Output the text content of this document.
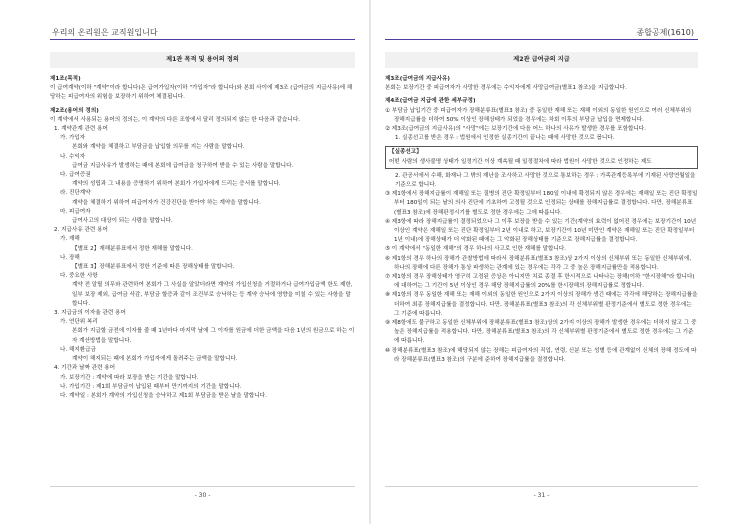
우리의 온리원은 교직원입니다
제1관 목적 및 용어의 정의
제1조(목적)
이 급여계약(이하 "계약"이라 합니다)은 급여가입자(이하 "가입자"라 합니다)와 본회 사이에 제3조 (급여금의 지급사유)에 해당하는 피급여자의 위험을 보장하기 위하여 체결됩니다.
제2조(용어의 정의)
이 계약에서 사용되는 용어의 정의는, 이 계약의 다른 조항에서 달리 정의되지 않는 한 다음과 같습니다.
1. 계약관계 관련 용어
가. 가입자
본회와 계약을 체결하고 부담금을 납입할 의무를 지는 사람을 말합니다.
나. 수익자
급여금 지급사유가 발생하는 때에 본회에 급여금을 청구하여 받을 수 있는 사람을 말합니다.
다. 급여증권
계약의 성립과 그 내용을 증명하기 위하여 본회가 가입자에게 드리는 증서를 말합니다.
라. 진단계약
계약을 체결하기 위하여 피급여자가 건강진단을 받아야 하는 계약을 말합니다.
마. 피급여자
급여사고의 대상이 되는 사람을 말합니다.
2. 지급사유 관련 용어
가. 재해
【별표 2】재해분류표에서 정한 재해를 말합니다.
나. 장해
【별표 3】장해분류표에서 정한 기준에 따른 장해상태를 말합니다.
다. 중요한 사항
계약 전 알릴 의무와 관련하여 본회가 그 사실을 알았더라면 계약의 가입신청을 거절하거나 급여가입금액 한도 제한, 일부 보장 제외, 급여금 삭감, 부담금 할증과 같이 조건부로 승낙하는 등 계약 승낙에 영향을 미칠 수 있는 사항을 말합니다.
3. 지급금의 이자율 관련 용어
가. 연단위 복리
본회가 지급할 금전에 이자를 줄 때 1년마다 마지막 날에 그 이자를 원금에 더한 금액을 다음 1년의 원금으로 하는 이자 계산방법을 말합니다.
나. 해지환급금
계약이 해지되는 때에 본회가 가입자에게 돌려주는 금액을 말합니다.
4. 기간과 날짜 관련 용어
가. 보장기간 : 계약에 따라 보장을 받는 기간을 말합니다.
나. 가입기간 : 제1회 부담금이 납입된 때부터 만기까지의 기간을 말합니다.
다. 계약일 : 본회가 계약의 가입신청을 승낙하고 제1회 부담금을 받은 날을 말합니다.
- 30 -
종합공제(1610)
제2관 급여금의 지급
제3조(급여금의 지급사유)
본회는 보장기간 중 피급여자가 사망한 경우에는 수익자에게 사망급여금(별표1 참조)을 지급합니다.
제4조(급여금 지급에 관한 세부규정)
① 부담금 납입기간 중 피급여자가 장해분류표(별표3 참조) 중 동일한 재해 또는 재해 이외의 동일한 원인으로 여러 신체부위의 장해지급률을 더하여 50% 이상인 장해상태가 되었을 경우에는 차회 이후의 부담금 납입을 면제합니다.
② 제3조(급여금의 지급사유)의 "사망"에는 보장기간에 다음 어느 하나의 사유가 발생한 경우를 포함합니다.
1. 실종선고를 받은 경우 : 법원에서 인정한 실종기간이 끝나는 때에 사망한 것으로 봅니다.
【실종선고】
어떤 사람의 생사불명 상태가 일정기간 이상 계속될 때 일정절차에 따라 법원이 사망한 것으로 인정하는 제도
2. 관공서에서 수해, 화재나 그 밖의 재난을 조사하고 사망한 것으로 통보하는 경우 : 가족관계등록부에 기재된 사망연월일을 기준으로 합니다.
③ 제1항에서 장해지급률이 재해일 또는 질병의 진단 확정일부터 180일 이내에 확정되지 않은 경우에는 재해일 또는 진단 확정일부터 180일이 되는 날의 의사 진단에 기초하여 고정될 것으로 인정되는 상태를 장해지급률로 결정합니다. 다만, 장해분류표(별표3 참조)에 장해판정시기를 별도로 정한 경우에는 그에 따릅니다.
④ 제3항에 따라 장해지급률이 결정되었으나 그 이후 보장을 받을 수 있는 기간(계약의 효력이 없어진 경우에는 보장기간이 10년 이상인 계약은 재해일 또는 진단 확정일부터 2년 이내로 하고, 보장기간이 10년 미만인 계약은 재해일 또는 진단 확정일부터 1년 이내)에 장해상태가 더 악화된 때에는 그 악화된 장해상태를 기준으로 장해지급률을 결정합니다.
⑤ 이 계약에서 "동일한 재해"의 경우 하나의 사고로 인한 재해를 말합니다.
⑥ 제1항의 경우 하나의 장해가 관찰방법에 따라서 장해분류표(별표3 참조)상 2가지 이상의 신체부위 또는 동일한 신체부위에, 하나의 장해에 다른 장해가 통상 파생하는 관계에 있는 경우에는 각각 그 중 높은 장해지급률만을 적용합니다.
⑦ 제1항의 경우 장해상태가 영구히 고정된 증상은 아니지만 치료 종결 후 한시적으로 나타나는 장해(이하 "한시장해"라 합니다)에 대하여는 그 기간이 5년 이상인 경우 해당 장해지급률의 20%를 한시장해의 장해지급률로 정합니다.
⑧ 제1항의 경우 동일한 재해 또는 재해 이외의 동일한 원인으로 2가지 이상의 장해가 생긴 때에는 각각에 해당하는 장해지급률을 더하여 최종 장해지급률을 결정합니다. 다만, 장해분류표(별표3 참조)의 각 신체부위별 판정기준에서 별도로 정한 경우에는 그 기준에 따릅니다.
⑨ 제8항에도 불구하고 동일한 신체부위에 장해분류표(별표3 참조)상의 2가지 이상의 장해가 발생한 경우에는 더하지 않고 그 중 높은 장해지급률을 적용합니다. 다만, 장해분류표(별표3 참조)의 각 신체부위별 판정기준에서 별도로 정한 경우에는 그 기준에 따릅니다.
⑩ 장해분류표(별표3 참조)에 해당되지 않는 장해는 피급여자의 직업, 연령, 신분 또는 성별 등에 관계없이 신체의 장해 정도에 따라 장해분류표(별표3 참조)의 구분에 준하여 장해지급률을 결정합니다.
- 31 -
